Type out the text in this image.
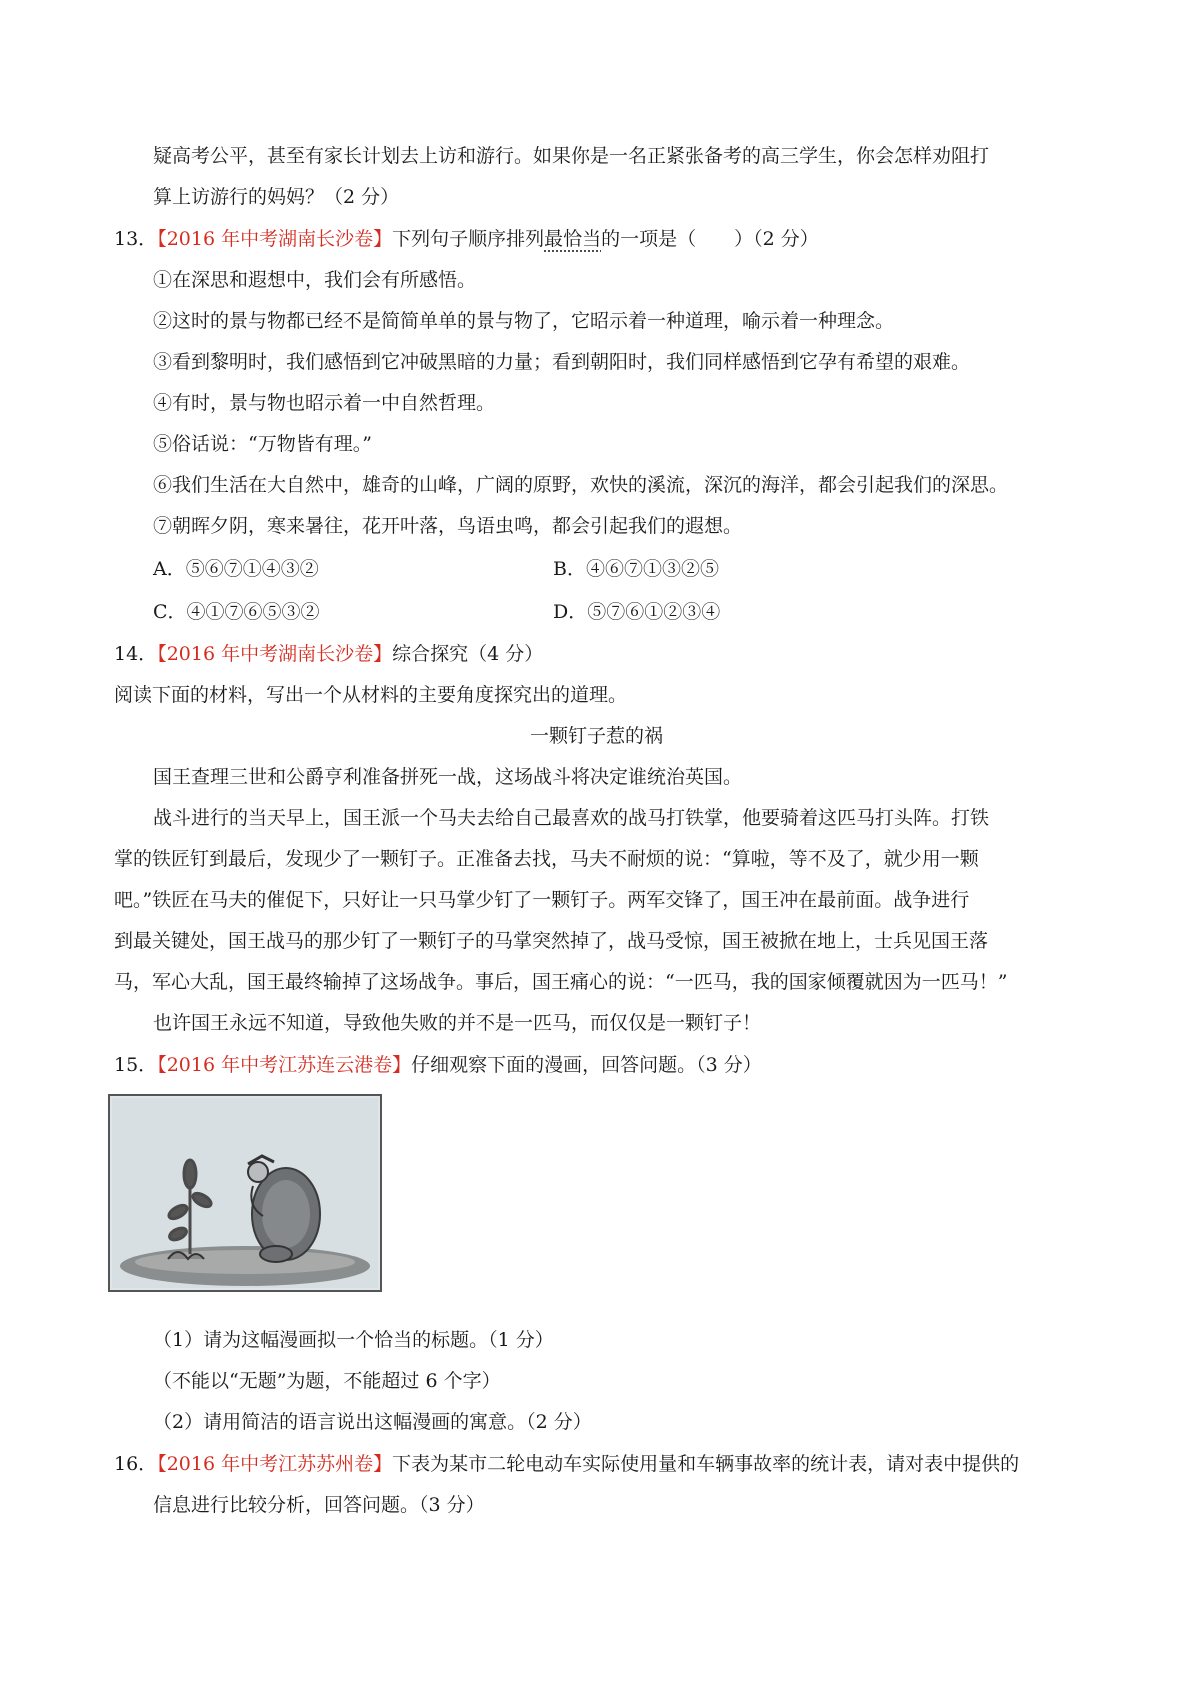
疑高考公平，甚至有家长计划去上访和游行。如果你是一名正紧张备考的高三学生，你会怎样劝阻打
算上访游行的妈妈？（2 分）
13．【2016 年中考湖南长沙卷】下列句子顺序排列最恰当的一项是（　　）（2 分）
①在深思和遐想中，我们会有所感悟。
②这时的景与物都已经不是简简单单的景与物了，它昭示着一种道理，喻示着一种理念。
③看到黎明时，我们感悟到它冲破黑暗的力量；看到朝阳时，我们同样感悟到它孕有希望的艰难。
④有时，景与物也昭示着一中自然哲理。
⑤俗话说：“万物皆有理。”
⑥我们生活在大自然中，雄奇的山峰，广阔的原野，欢快的溪流，深沉的海洋，都会引起我们的深思。
⑦朝晖夕阴，寒来暑往，花开叶落，鸟语虫鸣，都会引起我们的遐想。
A．⑤⑥⑦①④③②	B．④⑥⑦①③②⑤
C．④①⑦⑥⑤③②	D．⑤⑦⑥①②③④
14．【2016 年中考湖南长沙卷】综合探究（4 分）
阅读下面的材料，写出一个从材料的主要角度探究出的道理。
一颗钉子惹的祸
国王查理三世和公爵亨利准备拼死一战，这场战斗将决定谁统治英国。
战斗进行的当天早上，国王派一个马夫去给自己最喜欢的战马打铁掌，他要骑着这匹马打头阵。打铁
掌的铁匠钉到最后，发现少了一颗钉子。正准备去找，马夫不耐烦的说：“算啦，等不及了，就少用一颗
吧。”铁匠在马夫的催促下，只好让一只马掌少钉了一颗钉子。两军交锋了，国王冲在最前面。战争进行
到最关键处，国王战马的那少钉了一颗钉子的马掌突然掉了，战马受惊，国王被掀在地上，士兵见国王落
马，军心大乱，国王最终输掉了这场战争。事后，国王痛心的说：“一匹马，我的国家倾覆就因为一匹马！”
也许国王永远不知道，导致他失败的并不是一匹马，而仅仅是一颗钉子！
15．【2016 年中考江苏连云港卷】仔细观察下面的漫画，回答问题。（3 分）
（1）请为这幅漫画拟一个恰当的标题。（1 分）
（不能以“无题”为题，不能超过 6 个字）
（2）请用简洁的语言说出这幅漫画的寓意。（2 分）
16．【2016 年中考江苏苏州卷】下表为某市二轮电动车实际使用量和车辆事故率的统计表，请对表中提供的
信息进行比较分析，回答问题。（3 分）
